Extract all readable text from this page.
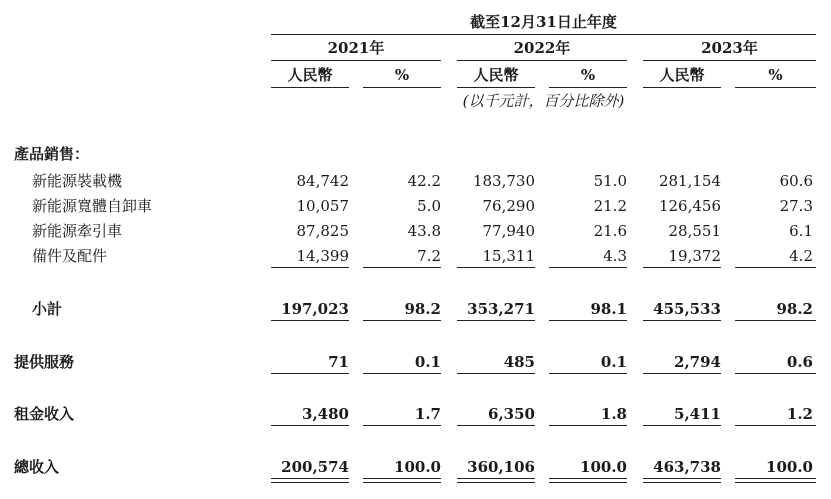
截至12月31日止年度
2021年	2022年	2023年
人民幣	%	人民幣	%	人民幣	%
(以千元計，百分比除外)
產品銷售：
新能源裝載機	84,742	42.2	183,730	51.0	281,154	60.6
新能源寬體自卸車	10,057	5.0	76,290	21.2	126,456	27.3
新能源牽引車	87,825	43.8	77,940	21.6	28,551	6.1
備件及配件	14,399	7.2	15,311	4.3	19,372	4.2
小計	197,023	98.2	353,271	98.1	455,533	98.2
提供服務	71	0.1	485	0.1	2,794	0.6
租金收入	3,480	1.7	6,350	1.8	5,411	1.2
總收入	200,574	100.0	360,106	100.0	463,738	100.0
